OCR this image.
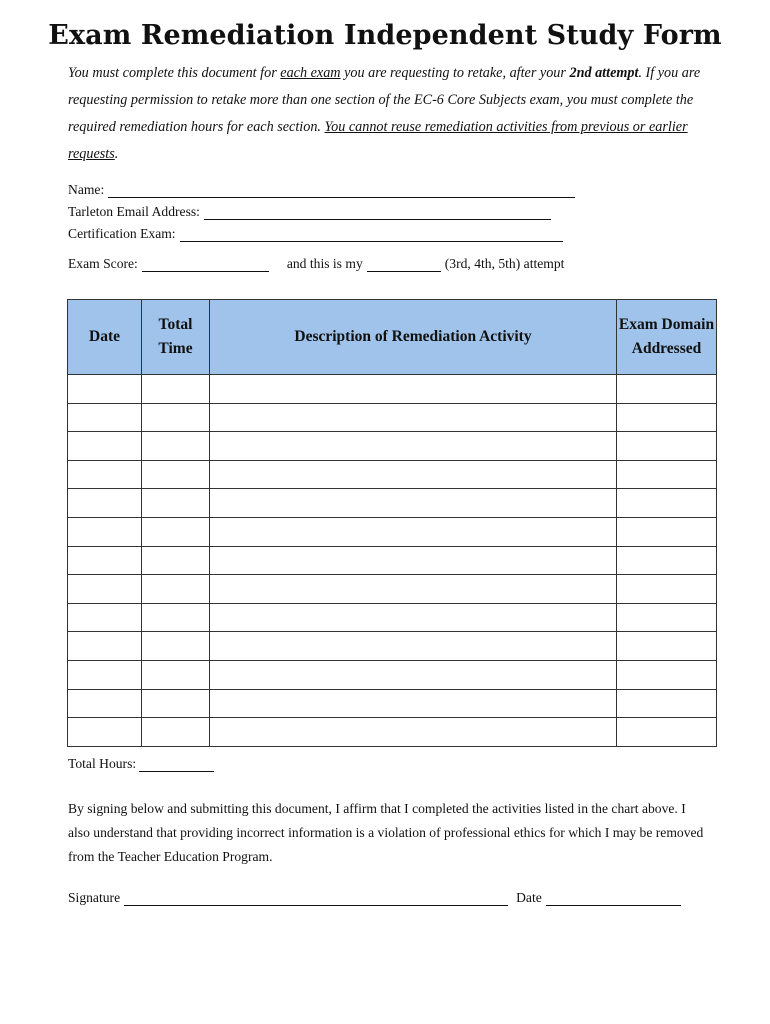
Exam Remediation Independent Study Form
You must complete this document for each exam you are requesting to retake, after your 2nd attempt. If you are requesting permission to retake more than one section of the EC-6 Core Subjects exam, you must complete the required remediation hours for each section. You cannot reuse remediation activities from previous or earlier requests.
Name:
Tarleton Email Address:
Certification Exam:
Exam Score:	and this is my	(3rd, 4th, 5th) attempt
Date	Total Time	Description of Remediation Activity	Exam Domain Addressed

Total Hours:
By signing below and submitting this document, I affirm that I completed the activities listed in the chart above. I also understand that providing incorrect information is a violation of professional ethics for which I may be removed from the Teacher Education Program.
Signature	Date
